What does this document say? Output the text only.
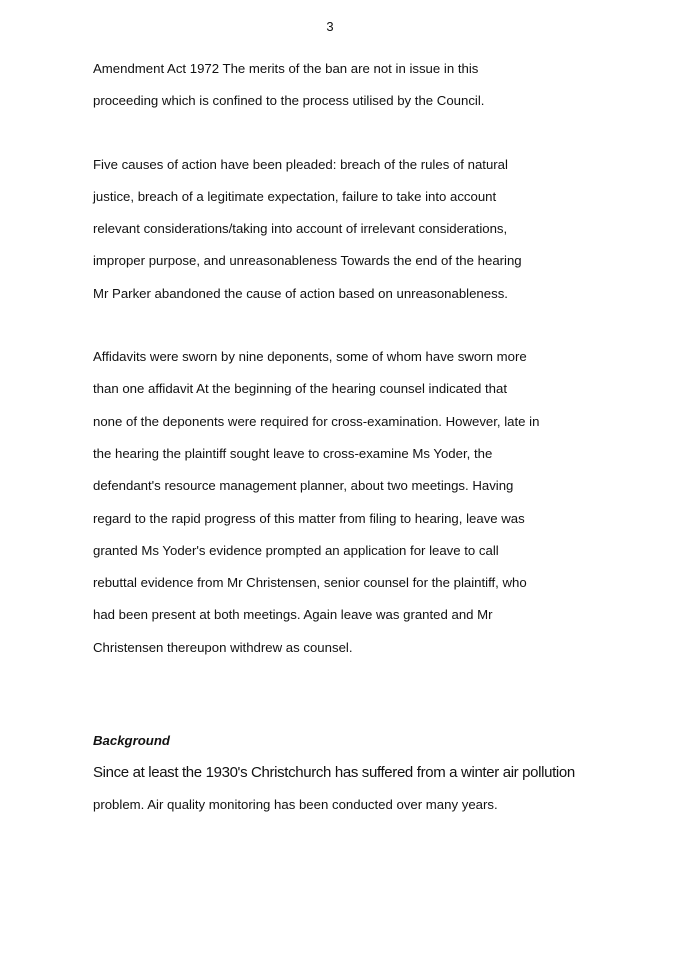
3
Amendment Act 1972 The merits of the ban are not in issue in this
proceeding which is confined to the process utilised by the Council.
Five causes of action have been pleaded: breach of the rules of natural
justice, breach of a legitimate expectation, failure to take into account
relevant considerations/taking into account of irrelevant considerations,
improper purpose, and unreasonableness Towards the end of the hearing
Mr Parker abandoned the cause of action based on unreasonableness.
Affidavits were sworn by nine deponents, some of whom have sworn more
than one affidavit At the beginning of the hearing counsel indicated that
none of the deponents were required for cross-examination. However, late in
the hearing the plaintiff sought leave to cross-examine Ms Yoder, the
defendant's resource management planner, about two meetings. Having
regard to the rapid progress of this matter from filing to hearing, leave was
granted Ms Yoder's evidence prompted an application for leave to call
rebuttal evidence from Mr Christensen, senior counsel for the plaintiff, who
had been present at both meetings. Again leave was granted and Mr
Christensen thereupon withdrew as counsel.
Background
Since at least the 1930's Christchurch has suffered from a winter air pollution
problem. Air quality monitoring has been conducted over many years.
